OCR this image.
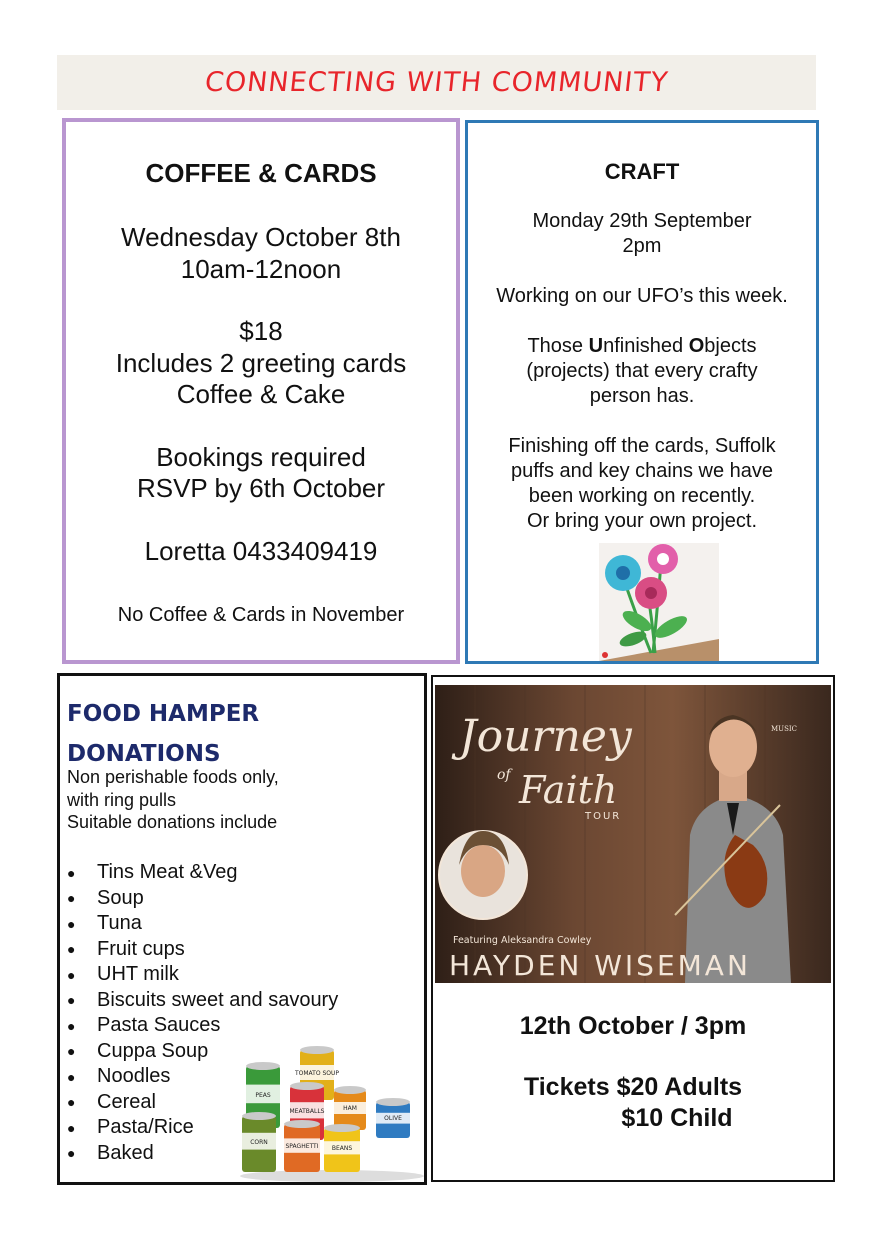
CONNECTING WITH COMMUNITY
COFFEE & CARDS
Wednesday October 8th
10am-12noon
$18
Includes 2 greeting cards
Coffee & Cake
Bookings required
RSVP by 6th October
Loretta 0433409419
No Coffee & Cards in November
CRAFT
Monday 29th September
2pm
Working on our UFO’s this week.
Those Unfinished Objects
(projects) that every crafty
person has.
Finishing off the cards, Suffolk
puffs and key chains we have
been working on recently.
Or bring your own project.
FOOD HAMPER
DONATIONS
Non perishable foods only,
with ring pulls
Suitable donations include
●	Tins Meat &Veg
●	Soup
●	Tuna
●	Fruit cups
●	UHT milk
●	Biscuits sweet and savoury
●	Pasta Sauces
●	Cuppa Soup
●	Noodles
●	Cereal
●	Pasta/Rice
●	Baked
PEAS
TOMATO SOUP
MEATBALLS	HAM
OLIVE
CORN
BEANS
SPAGHETTI
Journey
of Faith
TOUR
MUSIC
Featuring Aleksandra Cowley
HAYDEN WISEMAN
12th October / 3pm
Tickets $20 Adults
$10 Child
